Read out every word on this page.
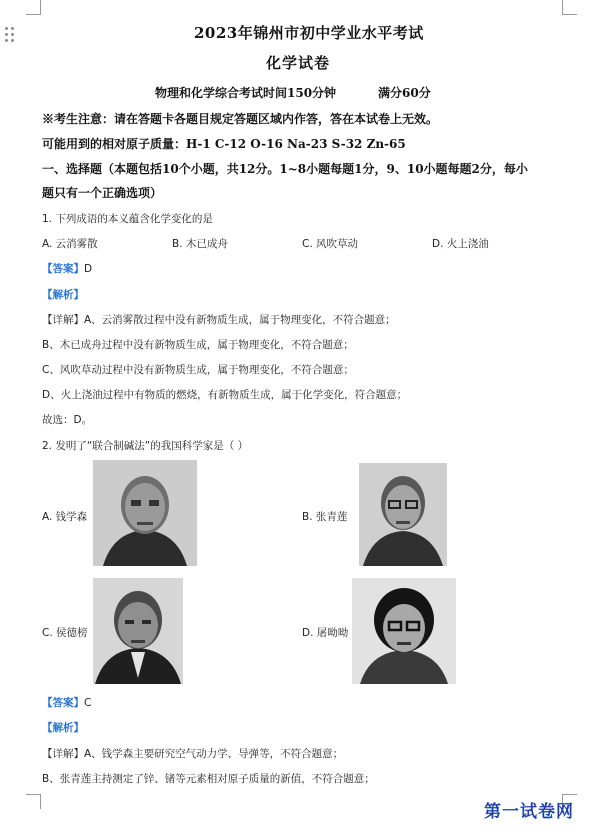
2023年锦州市初中学业水平考试
化学试卷
物理和化学综合考试时间150分钟	满分60分
※考生注意：请在答题卡各题目规定答题区域内作答，答在本试卷上无效。
可能用到的相对原子质量：H-1 C-12 O-16 Na-23 S-32 Zn-65
一、选择题（本题包括10个小题，共12分。1~8小题每题1分，9、10小题每题2分，每小
题只有一个正确选项）
1. 下列成语的本义蕴含化学变化的是
A. 云消雾散	B. 木已成舟	C. 风吹草动	D. 火上浇油
【答案】D
【解析】
【详解】A、云消雾散过程中没有新物质生成，属于物理变化，不符合题意；
B、木已成舟过程中没有新物质生成，属于物理变化，不符合题意；
C、风吹草动过程中没有新物质生成，属于物理变化，不符合题意；
D、火上浇油过程中有物质的燃烧，有新物质生成，属于化学变化，符合题意；
故选：D。
2. 发明了“联合制碱法”的我国科学家是（ ）
A. 钱学森	B. 张青莲
C. 侯德榜	D. 屠呦呦
【答案】C
【解析】
【详解】A、钱学森主要研究空气动力学、导弹等，不符合题意；
B、张青莲主持测定了锌、锗等元素相对原子质量的新值，不符合题意；
第一试卷网
